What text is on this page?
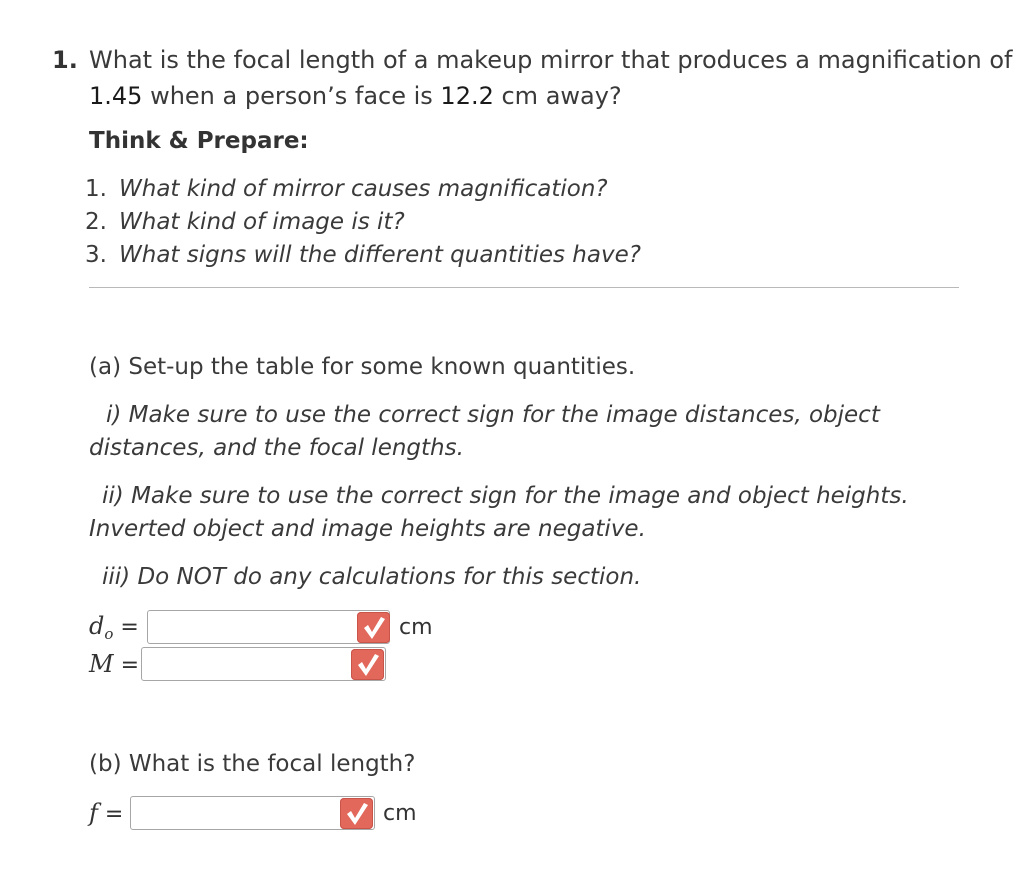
1. What is the focal length of a makeup mirror that produces a magnification of
1.45 when a person’s face is 12.2 cm away?
Think & Prepare:
1. What kind of mirror causes magnification?
2. What kind of image is it?
3. What signs will the different quantities have?
(a) Set-up the table for some known quantities.
i) Make sure to use the correct sign for the image distances, object
distances, and the focal lengths.
ii) Make sure to use the correct sign for the image and object heights.
Inverted object and image heights are negative.
iii) Do NOT do any calculations for this section.
$d_o$ =	cm
M =
(b) What is the focal length?
f =	cm
